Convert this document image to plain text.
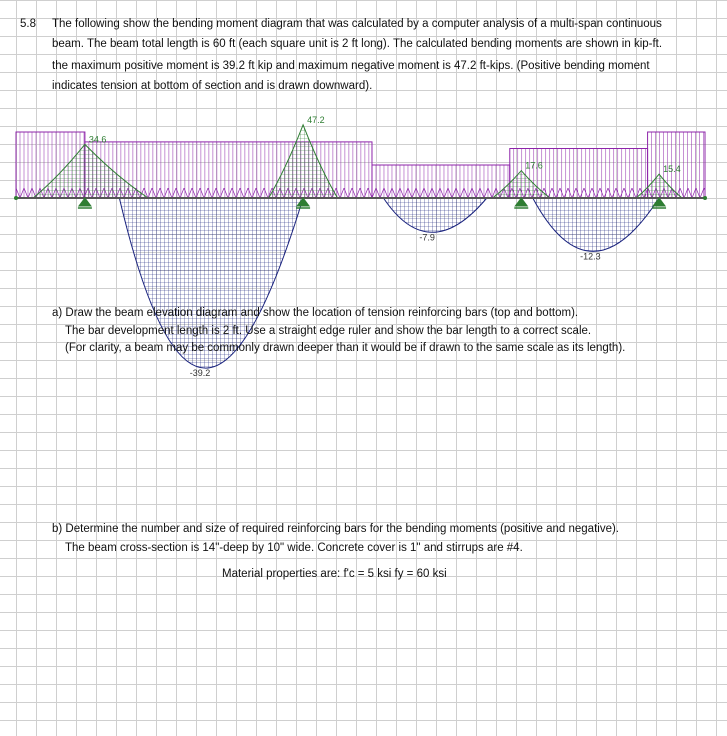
5.8 The following show the bending moment diagram that was calculated by a computer analysis of a multi-span continuous
beam. The beam total length is 60 ft (each square unit is 2 ft long). The calculated bending moments are shown in kip-ft.
the maximum positive moment is 39.2 ft kip and maximum negative moment is 47.2 ft-kips. (Positive bending moment
indicates tension at bottom of section and is drawn downward).
34.6
47.2
17.6	15.4
-39.2
-7.9
-12.3
a) Draw the beam elevation diagram and show the location of tension reinforcing bars (top and bottom).
The bar development length is 2 ft. Use a straight edge ruler and show the bar length to a correct scale.
(For clarity, a beam may be commonly drawn deeper than it would be if drawn to the same scale as its length).
b) Determine the number and size of required reinforcing bars for the bending moments (positive and negative).
The beam cross-section is 14"-deep by 10" wide. Concrete cover is 1" and stirrups are #4.
Material properties are: f'c = 5 ksi fy = 60 ksi
